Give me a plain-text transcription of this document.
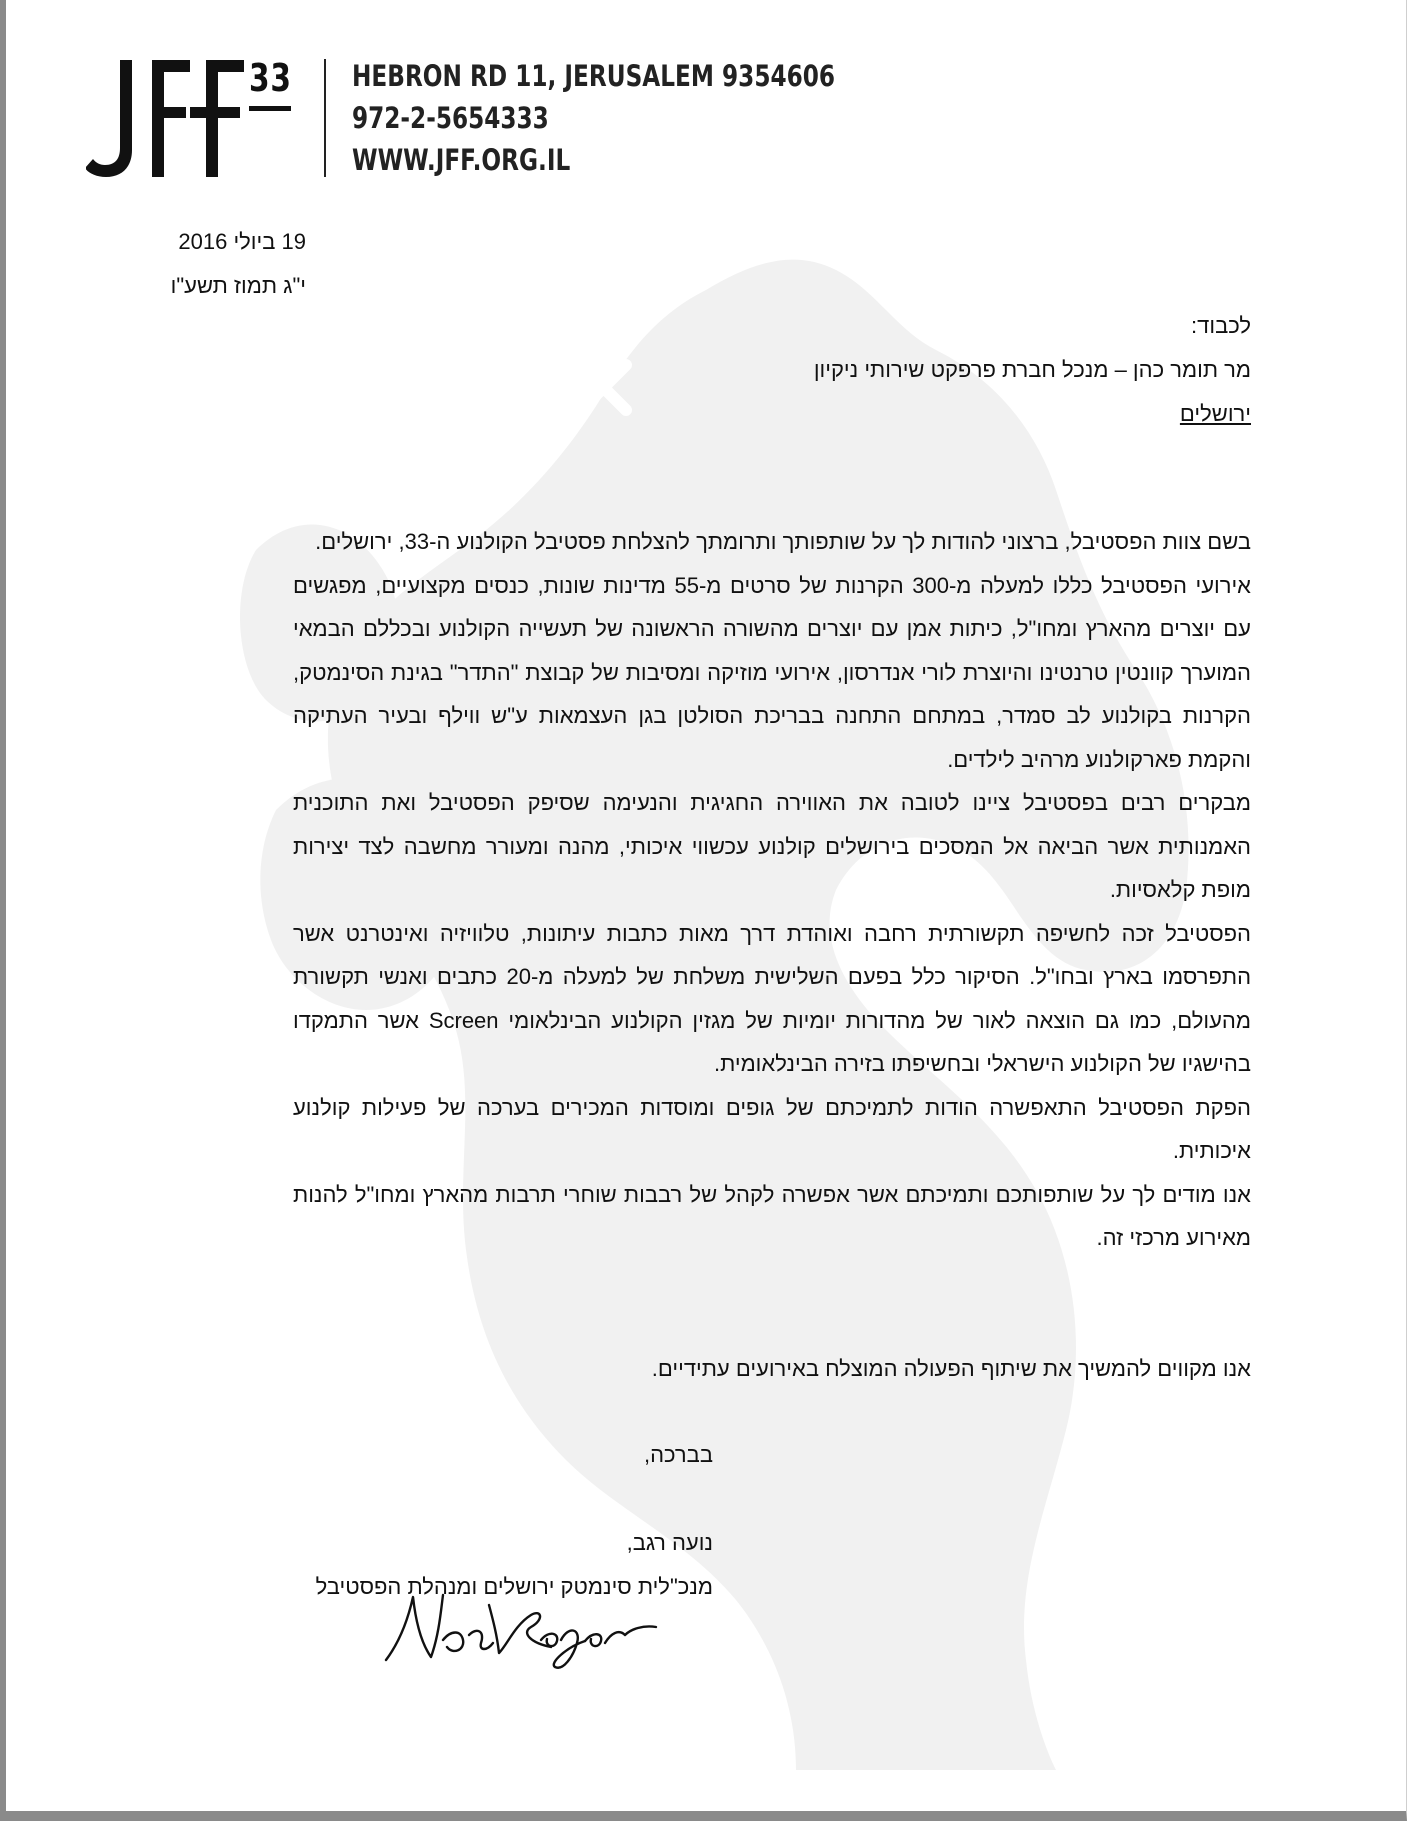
33 HEBRON RD 11, JERUSALEM 9354606
972-2-5654333
WWW.JFF.ORG.IL
19 ביולי 2016
י"ג תמוז תשע"ו
לכבוד:
מר תומר כהן – מנכל חברת פרפקט שירותי ניקיון
ירושלים

בשם צוות הפסטיבל, ברצוני להודות לך על שותפותך ותרומתך להצלחת פסטיבל הקולנוע ה-33, ירושלים.

אירועי הפסטיבל כללו למעלה מ-300 הקרנות של סרטים מ-55 מדינות שונות, כנסים מקצועיים, מפגשים עם יוצרים מהארץ ומחו"ל, כיתות אמן עם יוצרים מהשורה הראשונה של תעשייה הקולנוע ובכללם הבמאי המוערך קוונטין טרנטינו והיוצרת לורי אנדרסון, אירועי מוזיקה ומסיבות של קבוצת "התדר" בגינת הסינמטק, הקרנות בקולנוע לב סמדר, במתחם התחנה בבריכת הסולטן בגן העצמאות ע"ש ווילף ובעיר העתיקה והקמת פארקולנוע מרהיב לילדים.

מבקרים רבים בפסטיבל ציינו לטובה את האווירה החגיגית והנעימה שסיפק הפסטיבל ואת התוכנית האמנותית אשר הביאה אל המסכים בירושלים קולנוע עכשווי איכותי, מהנה ומעורר מחשבה לצד יצירות מופת קלאסיות.

הפסטיבל זכה לחשיפה תקשורתית רחבה ואוהדת דרך מאות כתבות עיתונות, טלוויזיה ואינטרנט אשר התפרסמו בארץ ובחו"ל. הסיקור כלל בפעם השלישית משלחת של למעלה מ-20 כתבים ואנשי תקשורת מהעולם, כמו גם הוצאה לאור של מהדורות יומיות של מגזין הקולנוע הבינלאומי Screen אשר התמקדו בהישגיו של הקולנוע הישראלי ובחשיפתו בזירה הבינלאומית.

הפקת הפסטיבל התאפשרה הודות לתמיכתם של גופים ומוסדות המכירים בערכה של פעילות קולנוע איכותית.

אנו מודים לך על שותפותכם ותמיכתם אשר אפשרה לקהל של רבבות שוחרי תרבות מהארץ ומחו"ל להנות מאירוע מרכזי זה.

אנו מקווים להמשיך את שיתוף הפעולה המוצלח באירועים עתידיים.
בברכה,
נועה רגב,
מנכ"לית סינמטק ירושלים ומנהלת הפסטיבל
